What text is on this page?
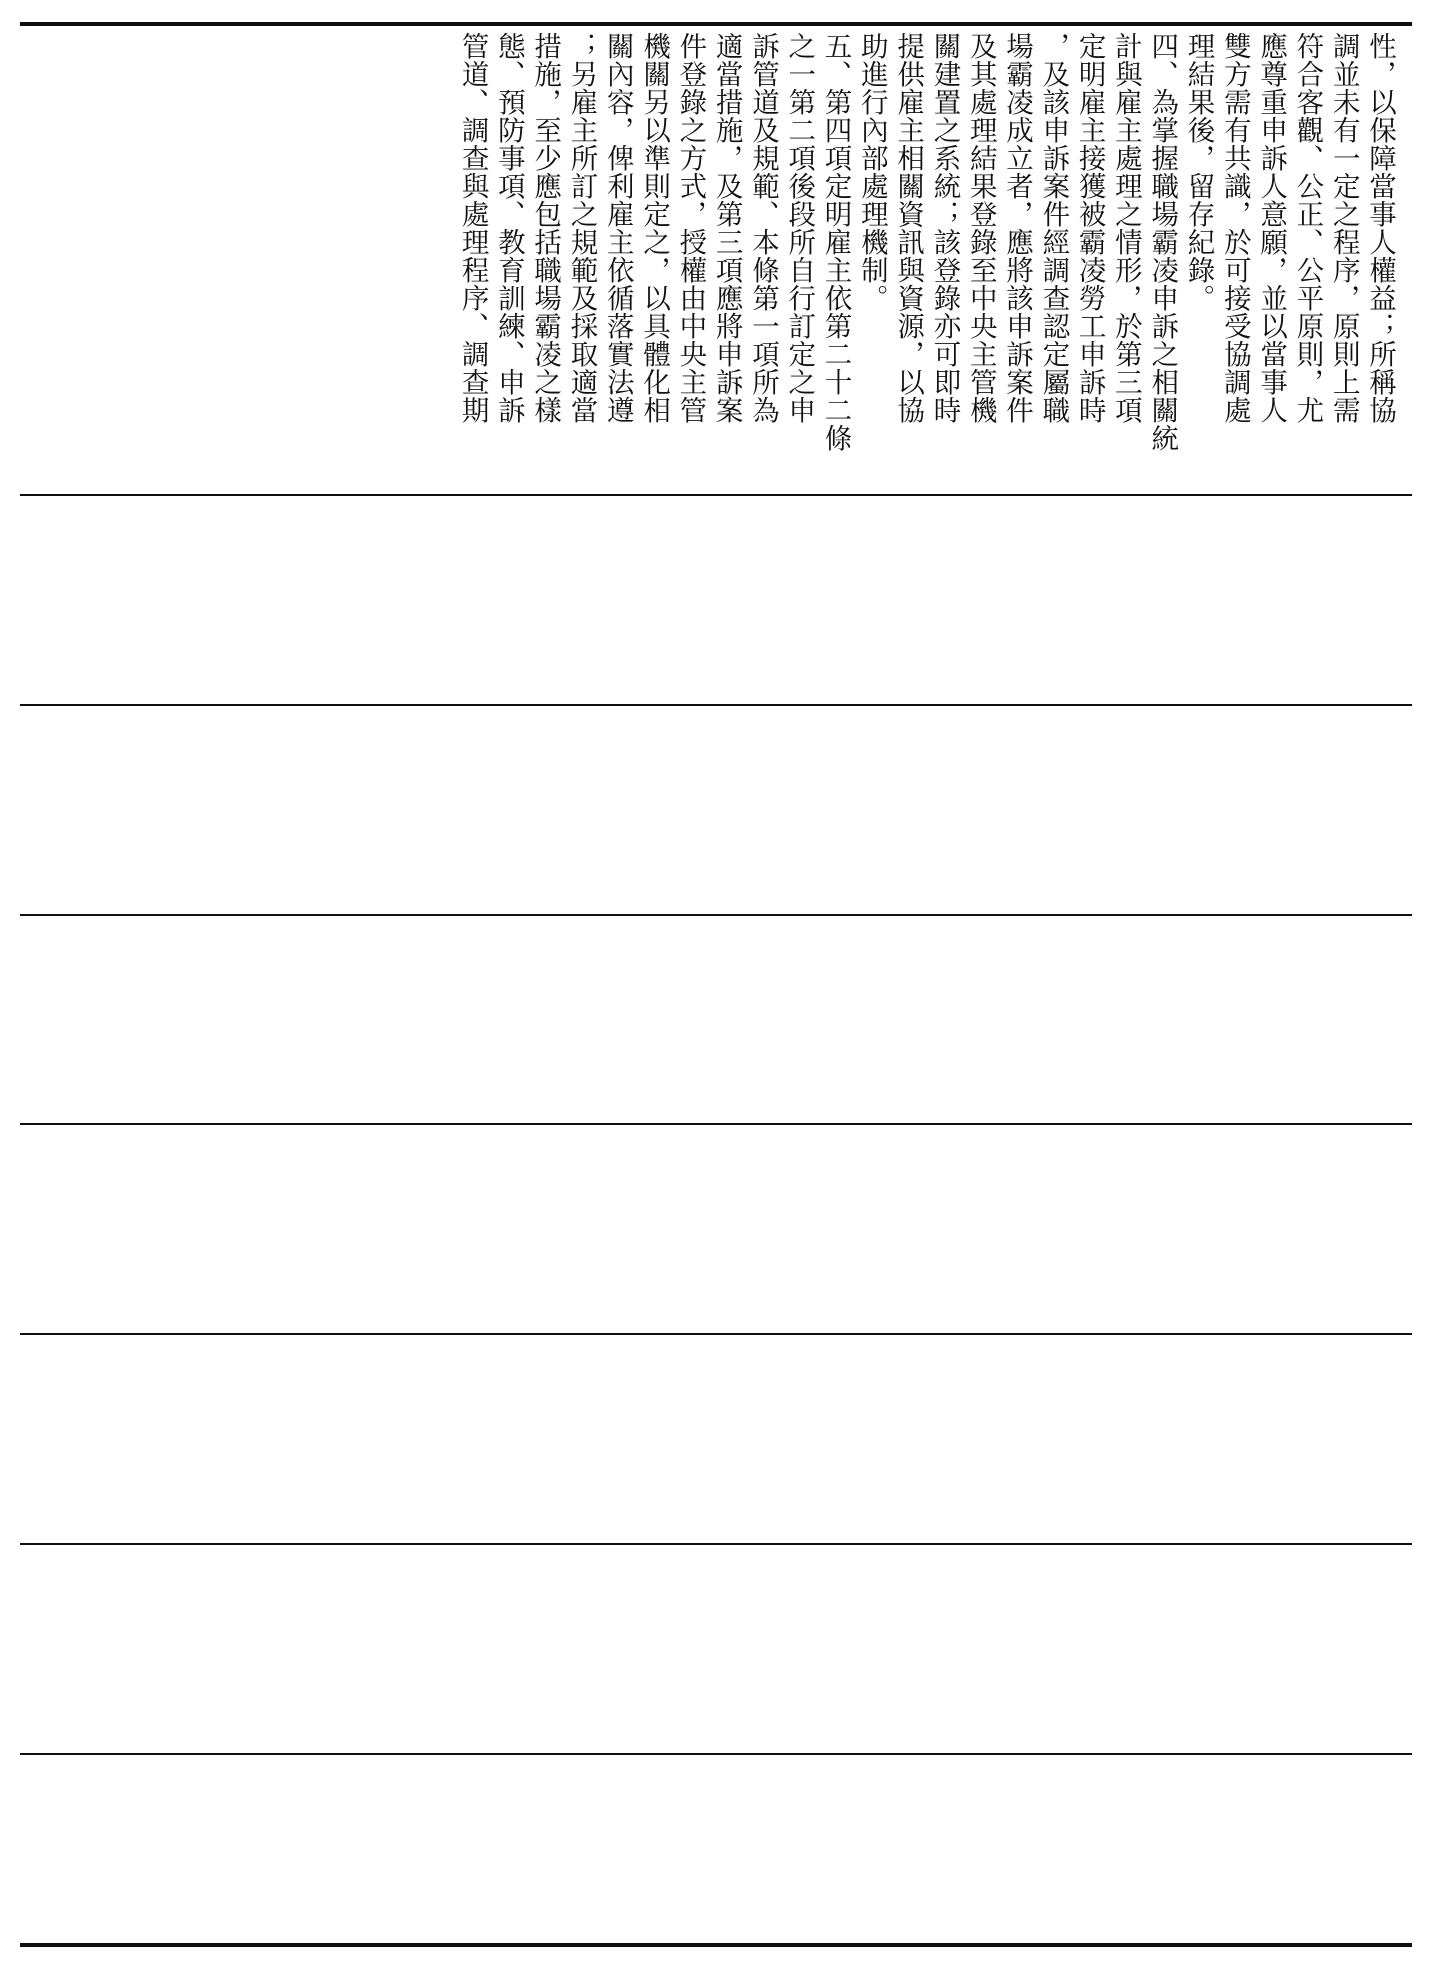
性，以保障當事人權益；所稱協
調並未有一定之程序，原則上需
符合客觀、公正、公平原則，尤
應尊重申訴人意願，並以當事人
雙方需有共識，於可接受協調處
理結果後，留存紀錄。
四、為掌握職場霸凌申訴之相關統
計與雇主處理之情形，於第三項
定明雇主接獲被霸凌勞工申訴時
，及該申訴案件經調查認定屬職
場霸凌成立者，應將該申訴案件
及其處理結果登錄至中央主管機
關建置之系統；該登錄亦可即時
提供雇主相關資訊與資源，以協
助進行內部處理機制。
五、第四項定明雇主依第二十二條
之一第二項後段所自行訂定之申
訴管道及規範、本條第一項所為
適當措施，及第三項應將申訴案
件登錄之方式，授權由中央主管
機關另以準則定之，以具體化相
關內容，俾利雇主依循落實法遵
；另雇主所訂之規範及採取適當
措施，至少應包括職場霸凌之樣
態、預防事項、教育訓練、申訴
管道、調查與處理程序、調查期
